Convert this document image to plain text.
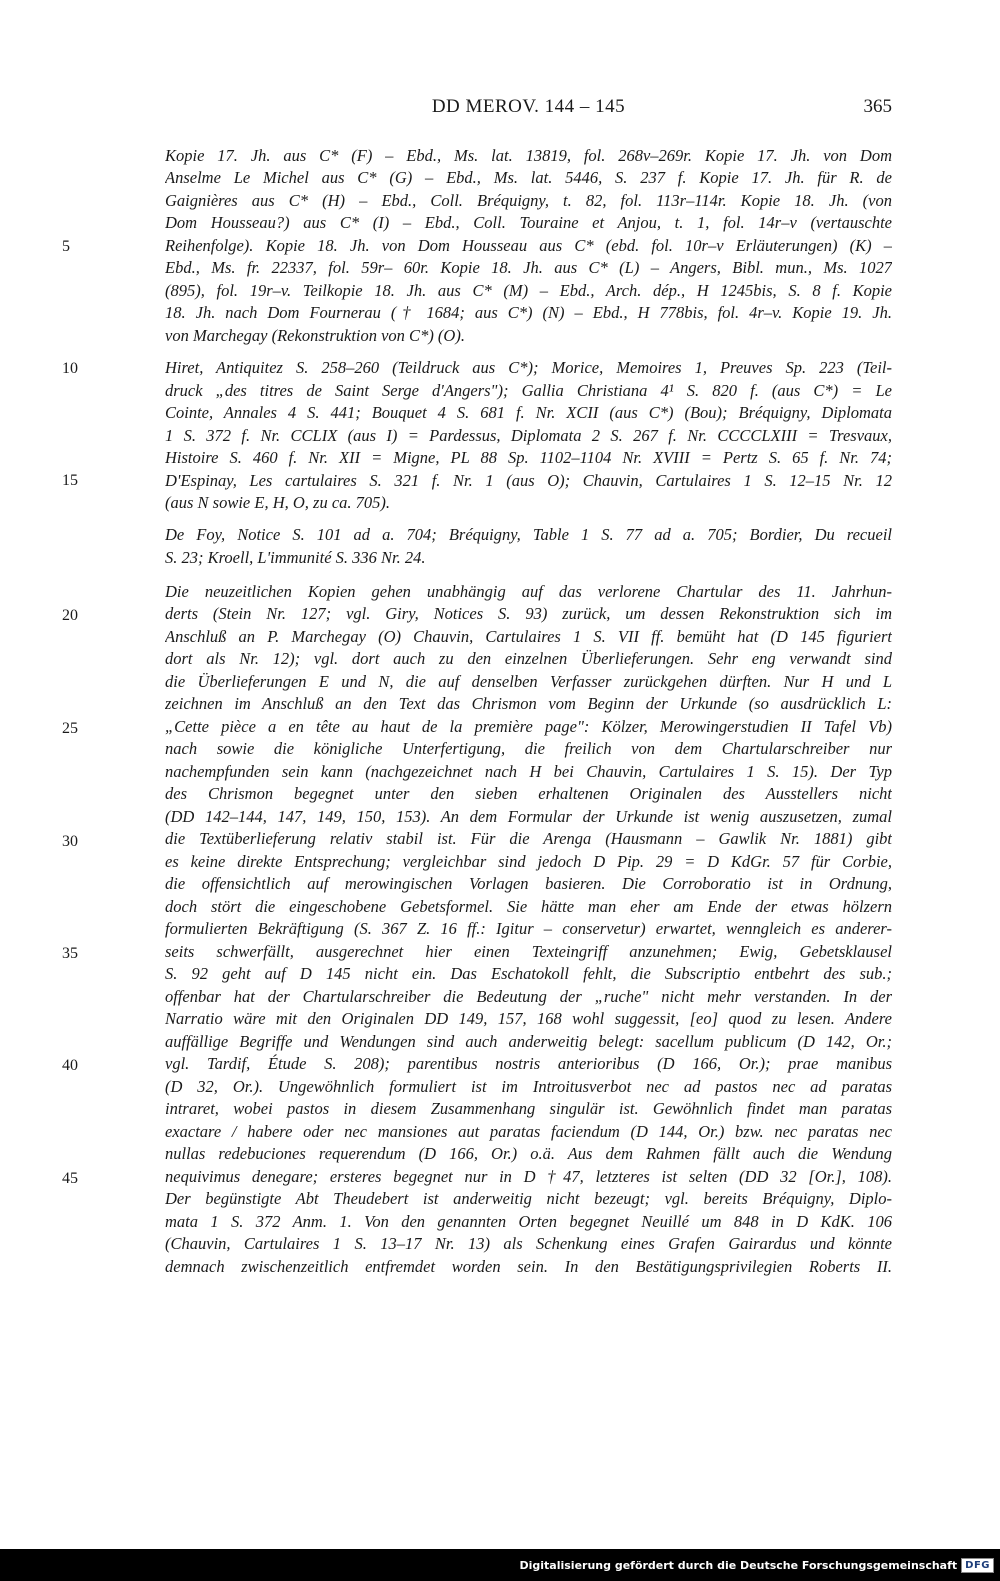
DD MEROV. 144 – 145	365
5
10
15
20
25
30
35
40
45
Kopie 17. Jh. aus C* (F) – Ebd., Ms. lat. 13819, fol. 268v–269r. Kopie 17. Jh. von Dom
Anselme Le Michel aus C* (G) – Ebd., Ms. lat. 5446, S. 237 f. Kopie 17. Jh. für R. de
Gaignières aus C* (H) – Ebd., Coll. Bréquigny, t. 82, fol. 113r–114r. Kopie 18. Jh. (von
Dom Housseau?) aus C* (I) – Ebd., Coll. Touraine et Anjou, t. 1, fol. 14r–v (vertauschte
Reihenfolge). Kopie 18. Jh. von Dom Housseau aus C* (ebd. fol. 10r–v Erläuterungen) (K) –
Ebd., Ms. fr. 22337, fol. 59r– 60r. Kopie 18. Jh. aus C* (L) – Angers, Bibl. mun., Ms. 1027
(895), fol. 19r–v. Teilkopie 18. Jh. aus C* (M) – Ebd., Arch. dép., H 1245bis, S. 8 f. Kopie
18. Jh. nach Dom Fournerau († 1684; aus C*) (N) – Ebd., H 778bis, fol. 4r–v. Kopie 19. Jh.
von Marchegay (Rekonstruktion von C*) (O).
Hiret, Antiquitez S. 258–260 (Teildruck aus C*); Morice, Memoires 1, Preuves Sp. 223 (Teil-
druck „des titres de Saint Serge d'Angers"); Gallia Christiana 4¹ S. 820 f. (aus C*) = Le
Cointe, Annales 4 S. 441; Bouquet 4 S. 681 f. Nr. XCII (aus C*) (Bou); Bréquigny, Diplomata
1 S. 372 f. Nr. CCLIX (aus I) = Pardessus, Diplomata 2 S. 267 f. Nr. CCCCLXIII = Tresvaux,
Histoire S. 460 f. Nr. XII = Migne, PL 88 Sp. 1102–1104 Nr. XVIII = Pertz S. 65 f. Nr. 74;
D'Espinay, Les cartulaires S. 321 f. Nr. 1 (aus O); Chauvin, Cartulaires 1 S. 12–15 Nr. 12
(aus N sowie E, H, O, zu ca. 705).
De Foy, Notice S. 101 ad a. 704; Bréquigny, Table 1 S. 77 ad a. 705; Bordier, Du recueil
S. 23; Kroell, L'immunité S. 336 Nr. 24.
Die neuzeitlichen Kopien gehen unabhängig auf das verlorene Chartular des 11. Jahrhun-
derts (Stein Nr. 127; vgl. Giry, Notices S. 93) zurück, um dessen Rekonstruktion sich im
Anschluß an P. Marchegay (O) Chauvin, Cartulaires 1 S. VII ff. bemüht hat (D 145 figuriert
dort als Nr. 12); vgl. dort auch zu den einzelnen Überlieferungen. Sehr eng verwandt sind
die Überlieferungen E und N, die auf denselben Verfasser zurückgehen dürften. Nur H und L
zeichnen im Anschluß an den Text das Chrismon vom Beginn der Urkunde (so ausdrücklich L:
„Cette pièce a en tête au haut de la première page": Kölzer, Merowingerstudien II Tafel Vb)
nach sowie die königliche Unterfertigung, die freilich von dem Chartularschreiber nur
nachempfunden sein kann (nachgezeichnet nach H bei Chauvin, Cartulaires 1 S. 15). Der Typ
des Chrismon begegnet unter den sieben erhaltenen Originalen des Ausstellers nicht
(DD 142–144, 147, 149, 150, 153). An dem Formular der Urkunde ist wenig auszusetzen, zumal
die Textüberlieferung relativ stabil ist. Für die Arenga (Hausmann – Gawlik Nr. 1881) gibt
es keine direkte Entsprechung; vergleichbar sind jedoch D Pip. 29 = D KdGr. 57 für Corbie,
die offensichtlich auf merowingischen Vorlagen basieren. Die Corroboratio ist in Ordnung,
doch stört die eingeschobene Gebetsformel. Sie hätte man eher am Ende der etwas hölzern
formulierten Bekräftigung (S. 367 Z. 16 ff.: Igitur – conservetur) erwartet, wenngleich es anderer-
seits schwerfällt, ausgerechnet hier einen Texteingriff anzunehmen; Ewig, Gebetsklausel
S. 92 geht auf D 145 nicht ein. Das Eschatokoll fehlt, die Subscriptio entbehrt des sub.;
offenbar hat der Chartularschreiber die Bedeutung der „ruche" nicht mehr verstanden. In der
Narratio wäre mit den Originalen DD 149, 157, 168 wohl suggessit, [eo] quod zu lesen. Andere
auffällige Begriffe und Wendungen sind auch anderweitig belegt: sacellum publicum (D 142, Or.;
vgl. Tardif, Étude S. 208); parentibus nostris anterioribus (D 166, Or.); prae manibus
(D 32, Or.). Ungewöhnlich formuliert ist im Introitusverbot nec ad pastos nec ad paratas
intraret, wobei pastos in diesem Zusammenhang singulär ist. Gewöhnlich findet man paratas
exactare / habere oder nec mansiones aut paratas faciendum (D 144, Or.) bzw. nec paratas nec
nullas redebuciones requerendum (D 166, Or.) o.ä. Aus dem Rahmen fällt auch die Wendung
nequivimus denegare; ersteres begegnet nur in D †47, letzteres ist selten (DD 32 [Or.], 108).
Der begünstigte Abt Theudebert ist anderweitig nicht bezeugt; vgl. bereits Bréquigny, Diplo-
mata 1 S. 372 Anm. 1. Von den genannten Orten begegnet Neuillé um 848 in D KdK. 106
(Chauvin, Cartulaires 1 S. 13–17 Nr. 13) als Schenkung eines Grafen Gairardus und könnte
demnach zwischenzeitlich entfremdet worden sein. In den Bestätigungsprivilegien Roberts II.
Digitalisierung gefördert durch die Deutsche Forschungsgemeinschaft DFG
